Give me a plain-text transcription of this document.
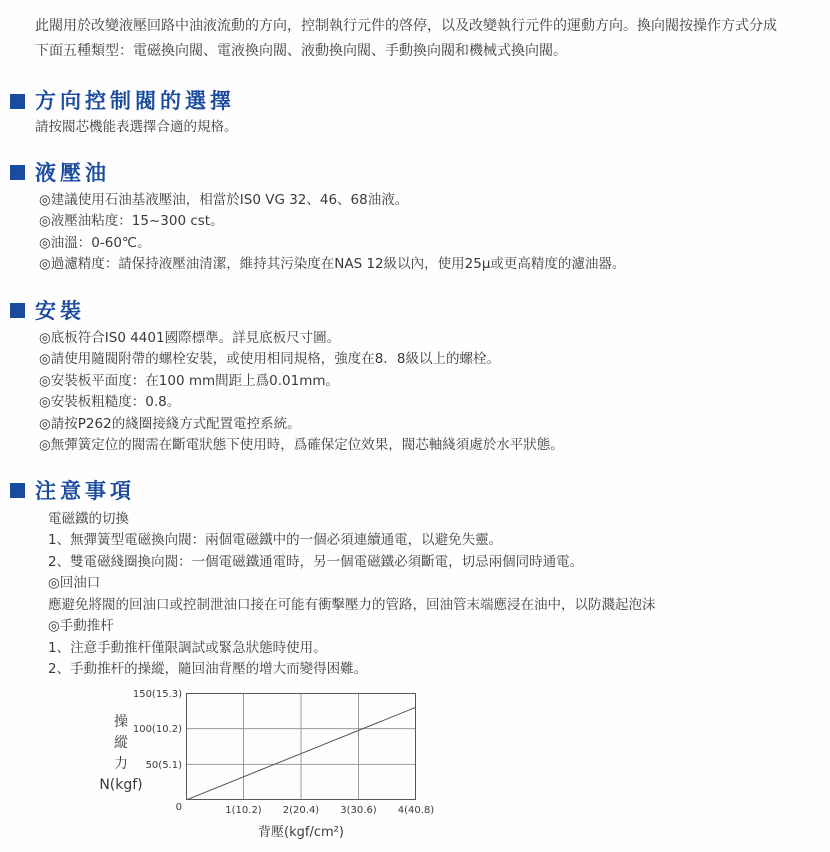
此閥用於改變液壓回路中油液流動的方向，控制執行元件的啓停，以及改變執行元件的運動方向。換向閥按操作方式分成
下面五種類型：電磁換向閥、電液換向閥、液動換向閥、手動換向閥和機械式換向閥。
方向控制閥的選擇
請按閥芯機能表選擇合適的規格。
液壓油
◎建議使用石油基液壓油，相當於IS0 VG 32、46、68油液。
◎液壓油粘度：15~300 cst。
◎油溫：0-60℃。
◎過濾精度：請保持液壓油清潔，維持其污染度在NAS 12級以內，使用25μ或更高精度的濾油器。
安裝
◎底板符合IS0 4401國際標準。詳見底板尺寸圖。
◎請使用隨閥附帶的螺栓安裝，或使用相同規格，強度在8．8級以上的螺栓。
◎安裝板平面度：在100 mm間距上爲0.01mm。
◎安裝板粗糙度：0.8。
◎請按P262的綫圈接綫方式配置電控系統。
◎無彈簧定位的閥需在斷電狀態下使用時，爲確保定位效果，閥芯軸綫須處於水平狀態。
注意事項
電磁鐵的切換
1、無彈簧型電磁換向閥：兩個電磁鐵中的一個必須連續通電，以避免失靈。
2、雙電磁綫圈換向閥：一個電磁鐵通電時，另一個電磁鐵必須斷電，切忌兩個同時通電。
◎回油口
應避免將閥的回油口或控制泄油口接在可能有衝擊壓力的管路，回油管末端應浸在油中，以防濺起泡沫
◎手動推杆
1、注意手動推杆僅限調試或緊急狀態時使用。
2、手動推杆的操縱，隨回油背壓的增大而變得困難。
操
縱
力
N(kgf)
背壓(kgf/cm²)
50(5.1)
100(10.2)
150(15.3)
0	1(10.2)	2(20.4)	3(30.6)	4(40.8)
